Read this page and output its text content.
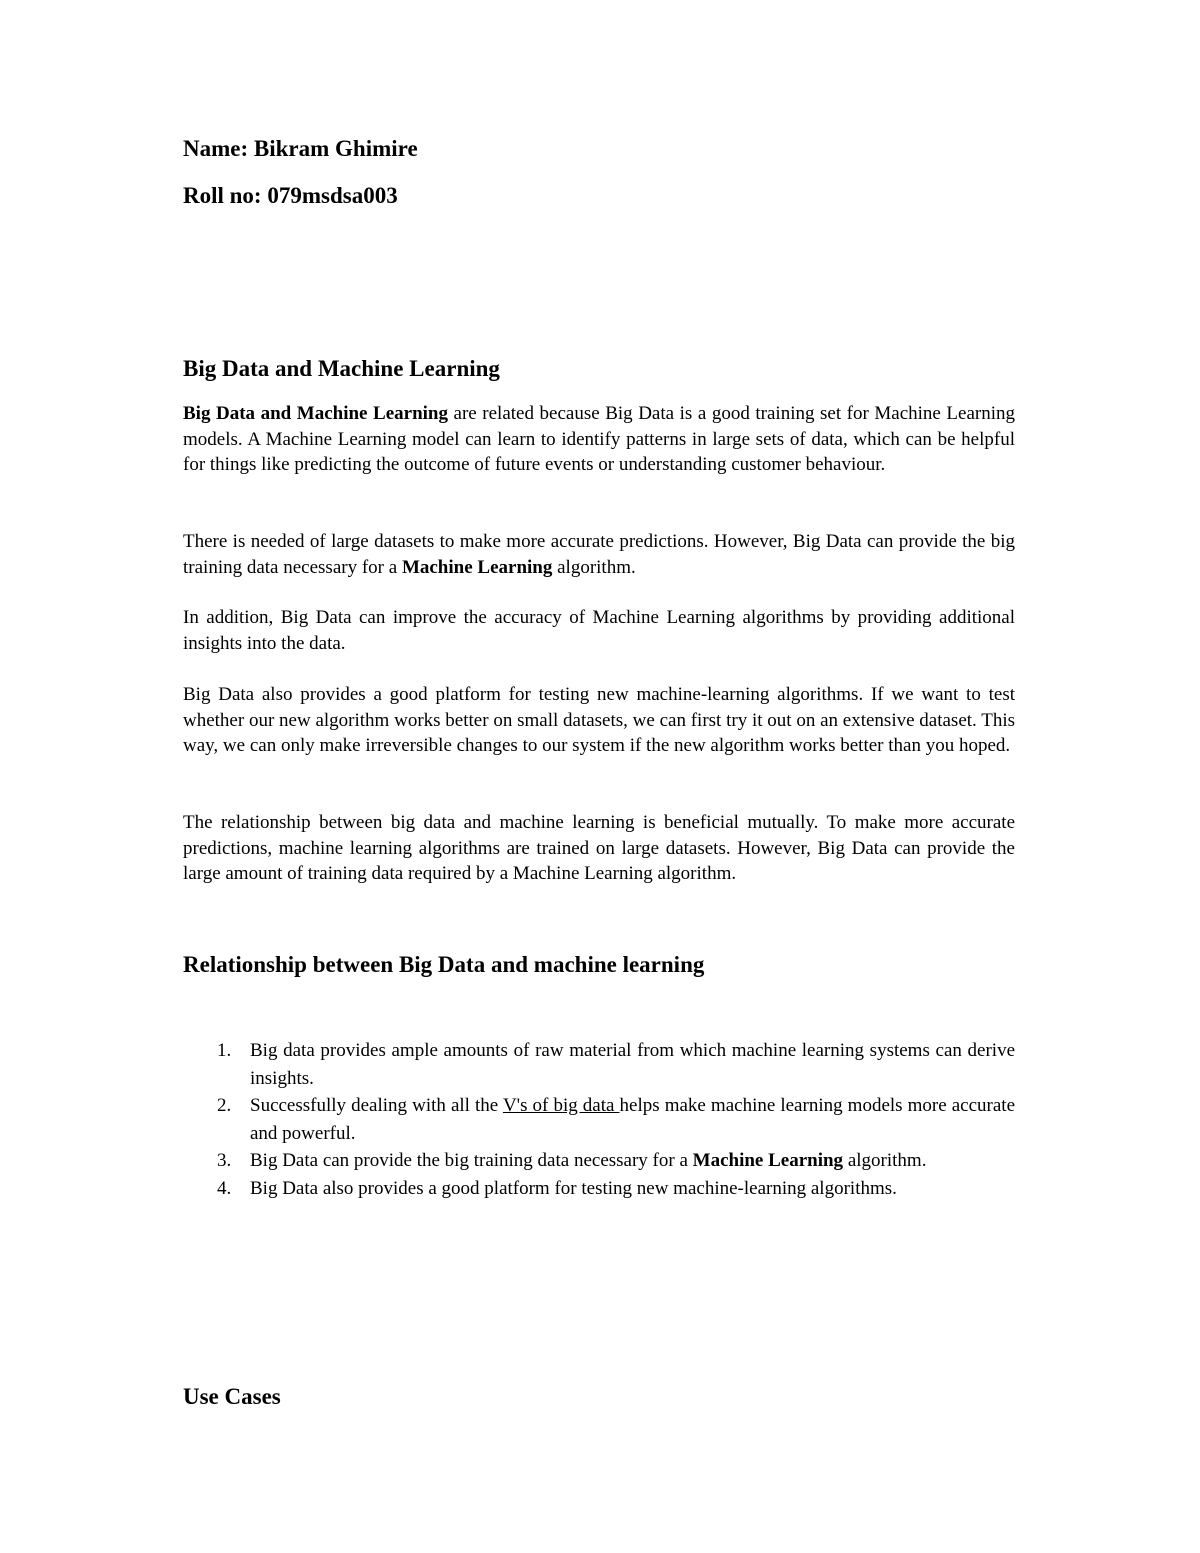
Name: Bikram Ghimire
Roll no: 079msdsa003
Big Data and Machine Learning
Big Data and Machine Learning are related because Big Data is a good training set for Machine Learning models. A Machine Learning model can learn to identify patterns in large sets of data, which can be helpful for things like predicting the outcome of future events or understanding customer behaviour.
There is needed of large datasets to make more accurate predictions. However, Big Data can provide the big training data necessary for a Machine Learning algorithm.
In addition, Big Data can improve the accuracy of Machine Learning algorithms by providing additional insights into the data.
Big Data also provides a good platform for testing new machine-learning algorithms. If we want to test whether our new algorithm works better on small datasets, we can first try it out on an extensive dataset. This way, we can only make irreversible changes to our system if the new algorithm works better than you hoped.
The relationship between big data and machine learning is beneficial mutually. To make more accurate predictions, machine learning algorithms are trained on large datasets. However, Big Data can provide the large amount of training data required by a Machine Learning algorithm.
Relationship between Big Data and machine learning
1. Big data provides ample amounts of raw material from which machine learning systems can derive insights.
2. Successfully dealing with all the V's of big data helps make machine learning models more accurate and powerful.
3. Big Data can provide the big training data necessary for a Machine Learning algorithm.
4. Big Data also provides a good platform for testing new machine-learning algorithms.
Use Cases
